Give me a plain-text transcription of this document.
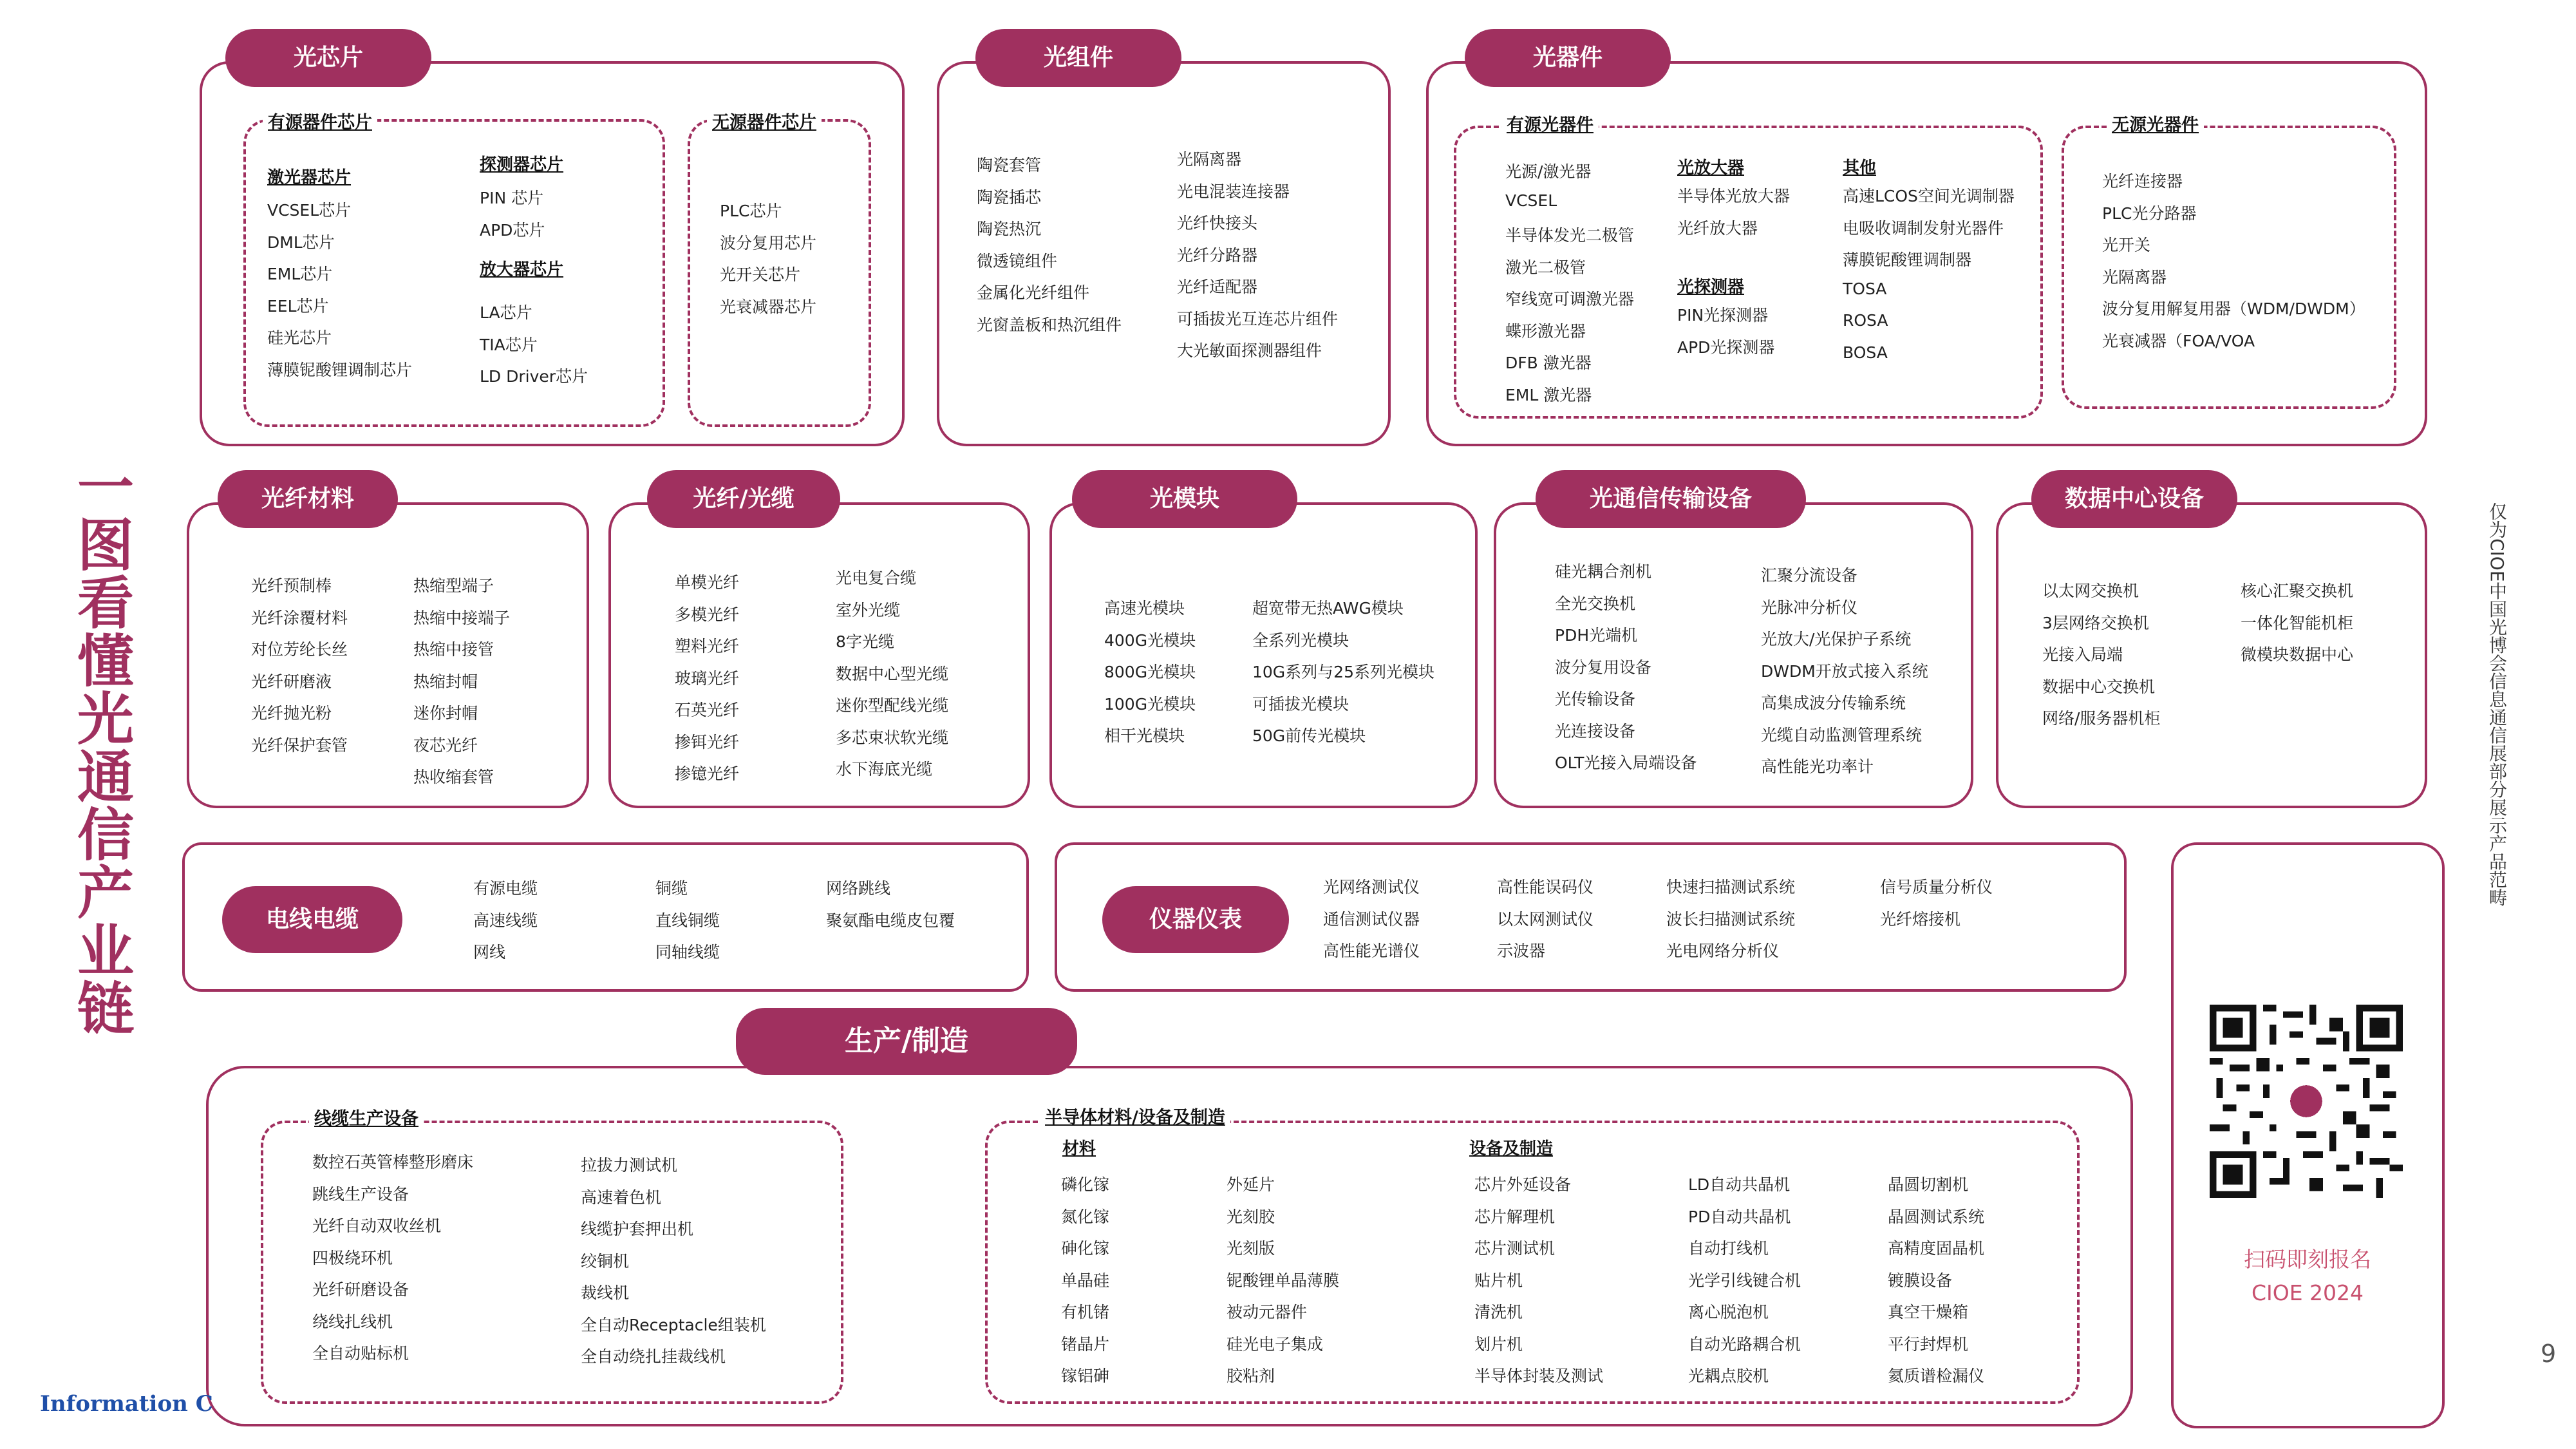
一图看懂光通信产业链	仅为CIOE中国光博会信息通信展部分展示产品范畴
光芯片
有源器件芯片
激光器芯片
VCSEL芯片
DML芯片
EML芯片
EEL芯片
硅光芯片
薄膜铌酸锂调制芯片
探测器芯片
PIN 芯片
APD芯片
放大器芯片
LA芯片
TIA芯片
LD Driver芯片
无源器件芯片
PLC芯片
波分复用芯片
光开关芯片
光衰减器芯片
光组件
陶瓷套管
陶瓷插芯
陶瓷热沉
微透镜组件
金属化光纤组件
光窗盖板和热沉组件
光隔离器
光电混装连接器
光纤快接头
光纤分路器
光纤适配器
可插拔光互连芯片组件
大光敏面探测器组件
光器件
有源光器件
光源/激光器
VCSEL
半导体发光二极管
激光二极管
窄线宽可调激光器
蝶形激光器
DFB 激光器
EML 激光器
光放大器
半导体光放大器
光纤放大器
光探测器
PIN光探测器
APD光探测器
其他
高速LCOS空间光调制器
电吸收调制发射光器件
薄膜铌酸锂调制器
TOSA
ROSA
BOSA
无源光器件
光纤连接器
PLC光分路器
光开关
光隔离器
波分复用解复用器（WDM/DWDM）
光衰减器（FOA/VOA
光纤材料
光纤预制棒
光纤涂覆材料
对位芳纶长丝
光纤研磨液
光纤抛光粉
光纤保护套管
热缩型端子
热缩中接端子
热缩中接管
热缩封帽
迷你封帽
夜芯光纤
热收缩套管
光纤/光缆
单模光纤
多模光纤
塑料光纤
玻璃光纤
石英光纤
掺铒光纤
掺镱光纤
光电复合缆
室外光缆
8字光缆
数据中心型光缆
迷你型配线光缆
多芯束状软光缆
水下海底光缆
光模块
高速光模块
400G光模块
800G光模块
100G光模块
相干光模块
超宽带无热AWG模块
全系列光模块
10G系列与25系列光模块
可插拔光模块
50G前传光模块
光通信传输设备
硅光耦合剂机
全光交换机
PDH光端机
波分复用设备
光传输设备
光连接设备
OLT光接入局端设备
汇聚分流设备
光脉冲分析仪
光放大/光保护子系统
DWDM开放式接入系统
高集成波分传输系统
光缆自动监测管理系统
高性能光功率计
数据中心设备
以太网交换机
3层网络交换机
光接入局端
数据中心交换机
网络/服务器机柜
核心汇聚交换机
一体化智能机柜
微模块数据中心
电线电缆
有源电缆
高速线缆
网线
铜缆
直线铜缆
同轴线缆
网络跳线
聚氨酯电缆皮包覆	仪器仪表
光网络测试仪
通信测试仪器
高性能光谱仪
高性能误码仪
以太网测试仪
示波器
快速扫描测试系统
波长扫描测试系统
光电网络分析仪
信号质量分析仪
光纤熔接机
扫码即刻报名
CIOE 2024
生产/制造
线缆生产设备
数控石英管棒整形磨床
跳线生产设备
光纤自动双收丝机
四极绕环机
光纤研磨设备
绕线扎线机
全自动贴标机
拉拔力测试机
高速着色机
线缆护套押出机
绞铜机
裁线机
全自动Receptacle组装机
全自动绕扎挂裁线机
半导体材料/设备及制造
材料
磷化镓
氮化镓
砷化镓
单晶硅
有机锗
锗晶片
镓铝砷
外延片
光刻胶
光刻版
铌酸锂单晶薄膜
被动元器件
硅光电子集成
胶粘剂
设备及制造
芯片外延设备
芯片解理机
芯片测试机
贴片机
清洗机
划片机
半导体封装及测试
LD自动共晶机
PD自动共晶机
自动打线机
光学引线键合机
离心脱泡机
自动光路耦合机
光耦点胶机
晶圆切割机
晶圆测试系统
高精度固晶机
镀膜设备
真空干燥箱
平行封焊机
氦质谱检漏仪
Information C
9
